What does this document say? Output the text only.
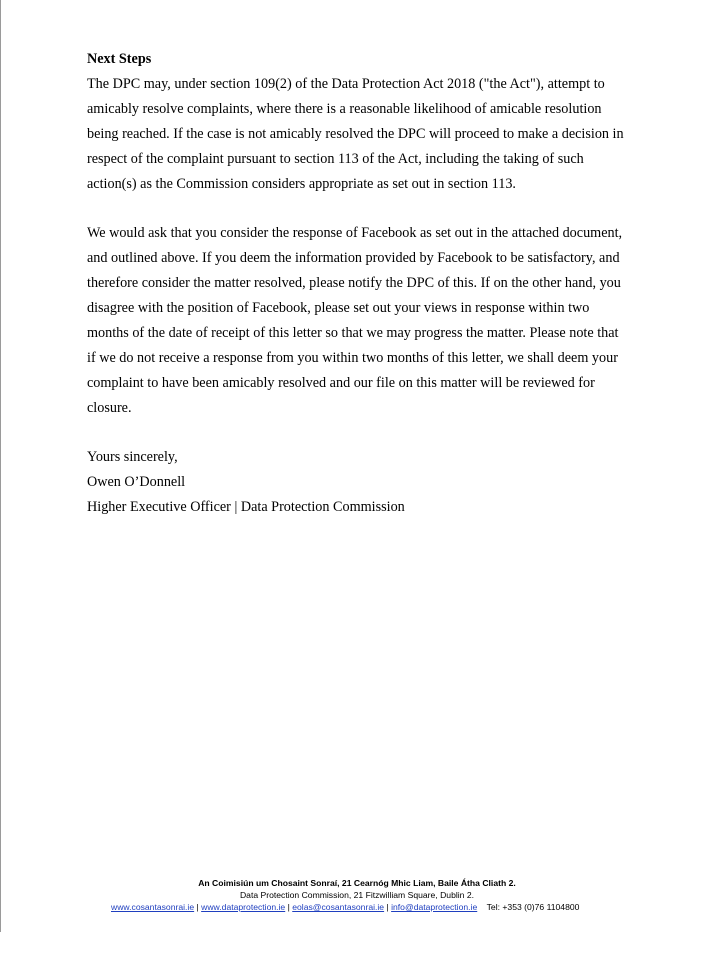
Next Steps

The DPC may, under section 109(2) of the Data Protection Act 2018 ("the Act"), attempt to amicably resolve complaints, where there is a reasonable likelihood of amicable resolution being reached. If the case is not amicably resolved the DPC will proceed to make a decision in respect of the complaint pursuant to section 113 of the Act, including the taking of such action(s) as the Commission considers appropriate as set out in section 113.

We would ask that you consider the response of Facebook as set out in the attached document, and outlined above. If you deem the information provided by Facebook to be satisfactory, and therefore consider the matter resolved, please notify the DPC of this. If on the other hand, you disagree with the position of Facebook, please set out your views in response within two months of the date of receipt of this letter so that we may progress the matter. Please note that if we do not receive a response from you within two months of this letter, we shall deem your complaint to have been amicably resolved and our file on this matter will be reviewed for closure.

Yours sincerely,
Owen O’Donnell
Higher Executive Officer | Data Protection Commission
An Coimisiún um Chosaint Sonraí, 21 Cearnóg Mhic Liam, Baile Átha Cliath 2.
Data Protection Commission, 21 Fitzwilliam Square, Dublin 2.
www.cosantasonrai.ie | www.dataprotection.ie | eolas@cosantasonrai.ie | info@dataprotection.ie Tel: +353 (0)76 1104800
